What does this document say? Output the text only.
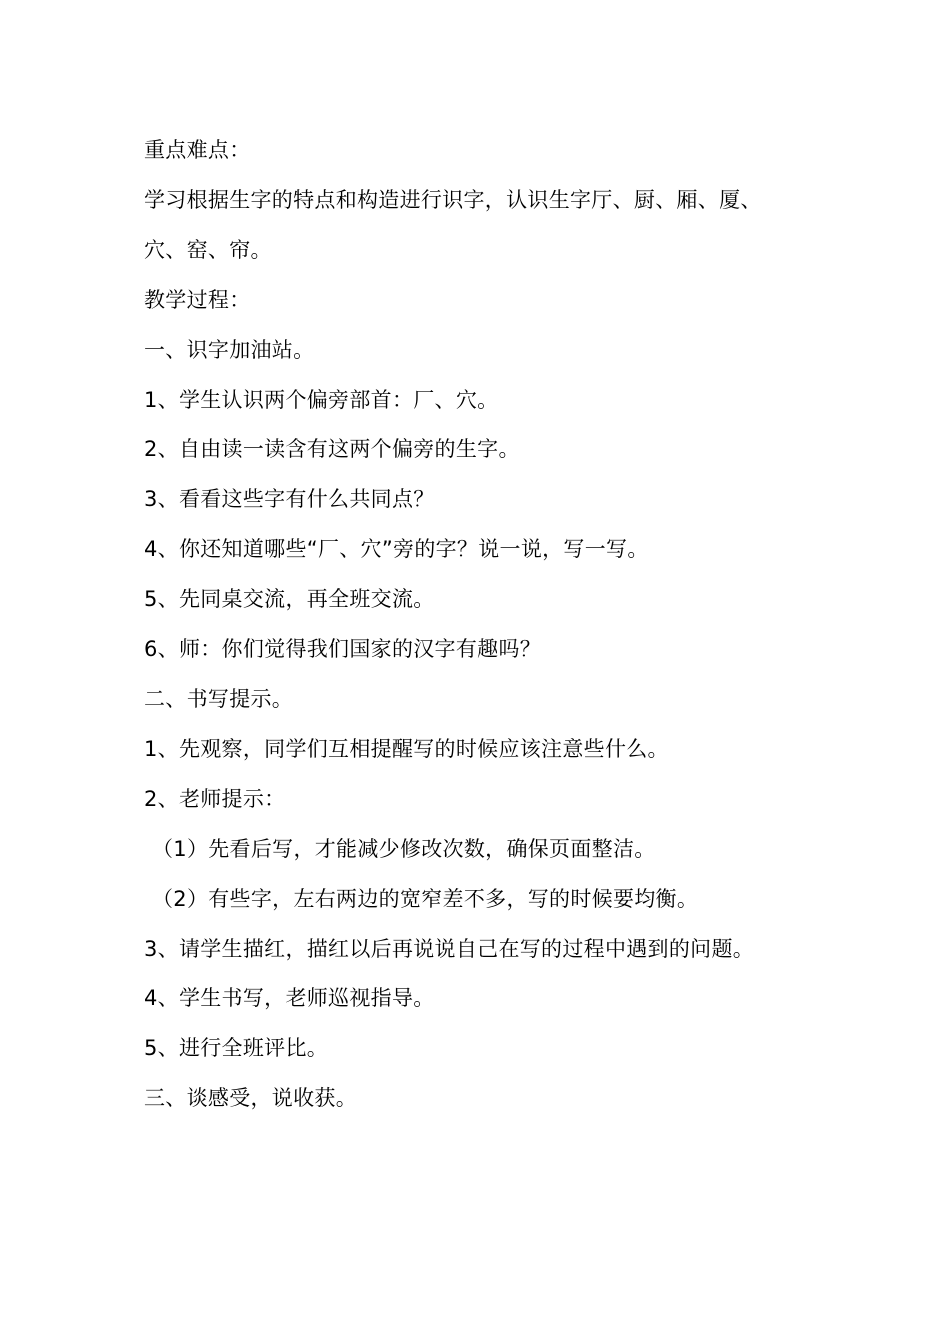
重点难点：
学习根据生字的特点和构造进行识字，认识生字厅、厨、厢、厦、
穴、窑、帘。
教学过程：
一、识字加油站。
1、学生认识两个偏旁部首：厂、穴。
2、自由读一读含有这两个偏旁的生字。
3、看看这些字有什么共同点？
4、你还知道哪些“厂、穴”旁的字？说一说，写一写。
5、先同桌交流，再全班交流。
6、师：你们觉得我们国家的汉字有趣吗？
二、书写提示。
1、先观察，同学们互相提醒写的时候应该注意些什么。
2、老师提示：
（1）先看后写，才能减少修改次数，确保页面整洁。
（2）有些字，左右两边的宽窄差不多，写的时候要均衡。
3、请学生描红，描红以后再说说自己在写的过程中遇到的问题。
4、学生书写，老师巡视指导。
5、进行全班评比。
三、谈感受，说收获。
